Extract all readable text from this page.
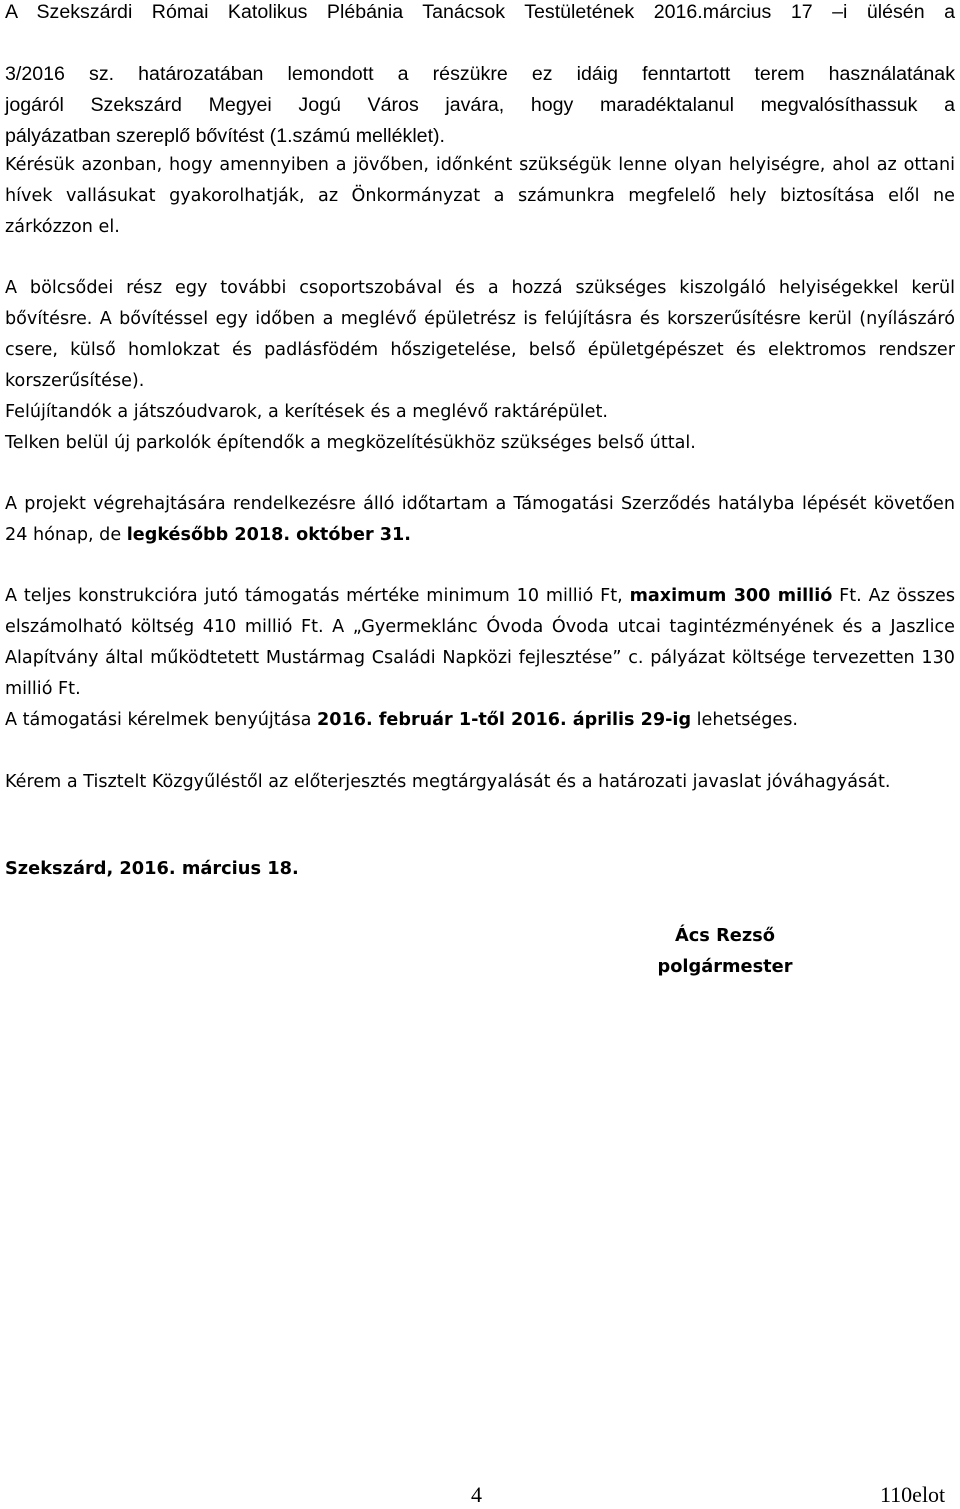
A Szekszárdi Római Katolikus Plébánia Tanácsok Testületének 2016.március 17 –i ülésén a
3/2016 sz. határozatában lemondott a részükre ez idáig fenntartott terem használatának
jogáról Szekszárd Megyei Jogú Város javára, hogy maradéktalanul megvalósíthassuk a
pályázatban szereplő bővítést (1.számú melléklet).

Kérésük azonban, hogy amennyiben a jövőben, időnként szükségük lenne olyan helyiségre, ahol az ottani hívek vallásukat gyakorolhatják, az Önkormányzat a számunkra megfelelő hely biztosítása elől ne zárkózzon el.

A bölcsődei rész egy további csoportszobával és a hozzá szükséges kiszolgáló helyiségekkel kerül bővítésre. A bővítéssel egy időben a meglévő épületrész is felújításra és korszerűsítésre kerül (nyílászáró csere, külső homlokzat és padlásfödém hőszigetelése, belső épületgépészet és elektromos rendszer korszerűsítése).
Felújítandók a játszóudvarok, a kerítések és a meglévő raktárépület.
Telken belül új parkolók építendők a megközelítésükhöz szükséges belső úttal.

A projekt végrehajtására rendelkezésre álló időtartam a Támogatási Szerződés hatályba lépését követően 24 hónap, de legkésőbb 2018. október 31.

A teljes konstrukcióra jutó támogatás mértéke minimum 10 millió Ft, maximum 300 millió Ft. Az összes elszámolható költség 410 millió Ft. A „Gyermeklánc Óvoda Óvoda utcai tagintézményének és a Jaszlice Alapítvány által működtetett Mustármag Családi Napközi fejlesztése” c. pályázat költsége tervezetten 130 millió Ft.
A támogatási kérelmek benyújtása 2016. február 1-től 2016. április 29-ig lehetséges.

Kérem a Tisztelt Közgyűléstől az előterjesztés megtárgyalását és a határozati javaslat jóváhagyását.

Szekszárd, 2016. március 18.
Ács Rezső
polgármester
4	110elot
